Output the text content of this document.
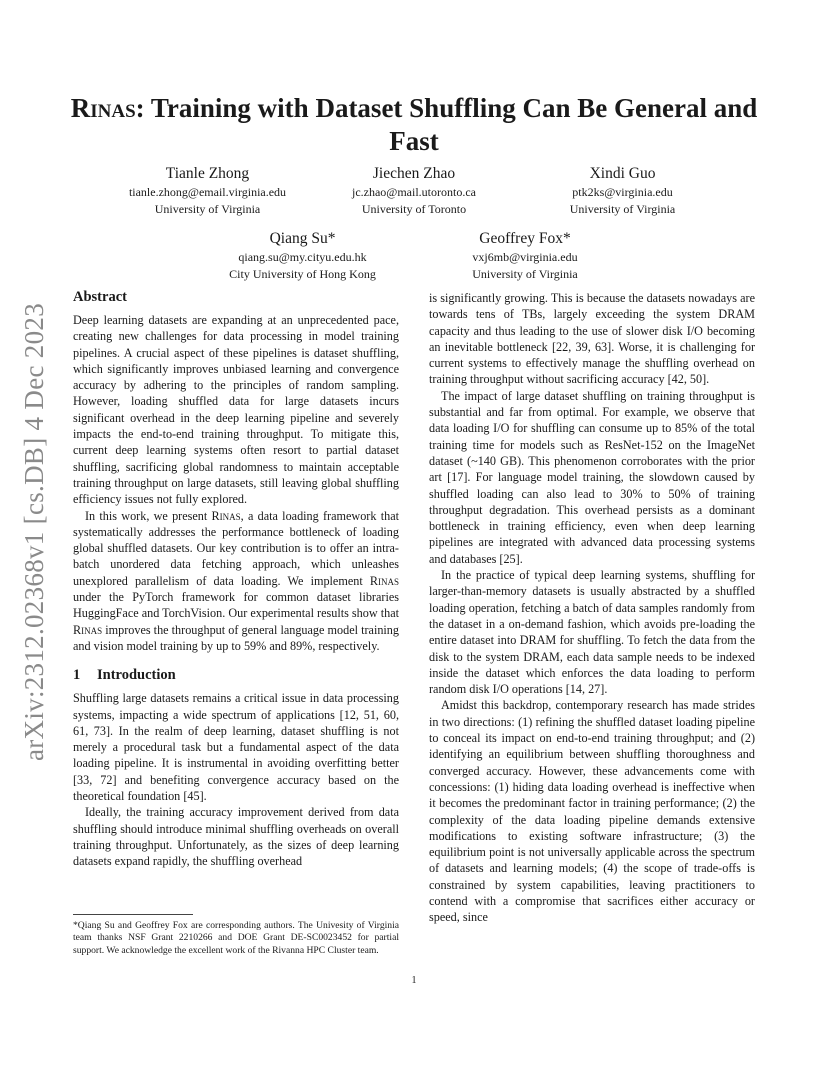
Rinas: Training with Dataset Shuffling Can Be General and Fast
Tianle Zhong
tianle.zhong@email.virginia.edu
University of Virginia
Jiechen Zhao
jc.zhao@mail.utoronto.ca
University of Toronto
Xindi Guo
ptk2ks@virginia.edu
University of Virginia
Qiang Su*
qiang.su@my.cityu.edu.hk
City University of Hong Kong
Geoffrey Fox*
vxj6mb@virginia.edu
University of Virginia
arXiv:2312.02368v1 [cs.DB] 4 Dec 2023
Abstract

Deep learning datasets are expanding at an unprecedented pace, creating new challenges for data processing in model training pipelines. A crucial aspect of these pipelines is dataset shuffling, which significantly improves unbiased learning and convergence accuracy by adhering to the principles of random sampling. However, loading shuffled data for large datasets incurs significant overhead in the deep learning pipeline and severely impacts the end-to-end training throughput. To mitigate this, current deep learning systems often resort to partial dataset shuffling, sacrificing global randomness to maintain acceptable training throughput on large datasets, still leaving global shuffling efficiency issues not fully explored.

In this work, we present Rinas, a data loading framework that systematically addresses the performance bottleneck of loading global shuffled datasets. Our key contribution is to offer an intra-batch unordered data fetching approach, which unleashes unexplored parallelism of data loading. We implement Rinas under the PyTorch framework for common dataset libraries HuggingFace and TorchVision. Our experimental results show that Rinas improves the throughput of general language model training and vision model training by up to 59% and 89%, respectively.

1 Introduction

Shuffling large datasets remains a critical issue in data processing systems, impacting a wide spectrum of applications [12, 51, 60, 61, 73]. In the realm of deep learning, dataset shuffling is not merely a procedural task but a fundamental aspect of the data loading pipeline. It is instrumental in avoiding overfitting better [33, 72] and benefiting convergence accuracy based on the theoretical foundation [45].

Ideally, the training accuracy improvement derived from data shuffling should introduce minimal shuffling overheads on overall training throughput. Unfortunately, as the sizes of deep learning datasets expand rapidly, the shuffling overhead

is significantly growing. This is because the datasets nowadays are towards tens of TBs, largely exceeding the system DRAM capacity and thus leading to the use of slower disk I/O becoming an inevitable bottleneck [22, 39, 63]. Worse, it is challenging for current systems to effectively manage the shuffling overhead on training throughput without sacrificing accuracy [42, 50].

The impact of large dataset shuffling on training throughput is substantial and far from optimal. For example, we observe that data loading I/O for shuffling can consume up to 85% of the total training time for models such as ResNet-152 on the ImageNet dataset (~140 GB). This phenomenon corroborates with the prior art [17]. For language model training, the slowdown caused by shuffled loading can also lead to 30% to 50% of training throughput degradation. This overhead persists as a dominant bottleneck in training efficiency, even when deep learning pipelines are integrated with advanced data processing systems and databases [25].

In the practice of typical deep learning systems, shuffling for larger-than-memory datasets is usually abstracted by a shuffled loading operation, fetching a batch of data samples randomly from the dataset in a on-demand fashion, which avoids pre-loading the entire dataset into DRAM for shuffling. To fetch the data from the disk to the system DRAM, each data sample needs to be indexed inside the dataset which enforces the data loading to perform random disk I/O operations [14, 27].

Amidst this backdrop, contemporary research has made strides in two directions: (1) refining the shuffled dataset loading pipeline to conceal its impact on end-to-end training throughput; and (2) identifying an equilibrium between shuffling thoroughness and converged accuracy. However, these advancements come with concessions: (1) hiding data loading overhead is ineffective when it becomes the predominant factor in training performance; (2) the complexity of the data loading pipeline demands extensive modifications to existing software infrastructure; (3) the equilibrium point is not universally applicable across the spectrum of datasets and learning models; (4) the scope of trade-offs is constrained by system capabilities, leaving practitioners to contend with a compromise that sacrifices either accuracy or speed, since

*Qiang Su and Geoffrey Fox are corresponding authors. The Univesity of Virginia team thanks NSF Grant 2210266 and DOE Grant DE-SC0023452 for partial support. We acknowledge the excellent work of the Rivanna HPC Cluster team.
1
